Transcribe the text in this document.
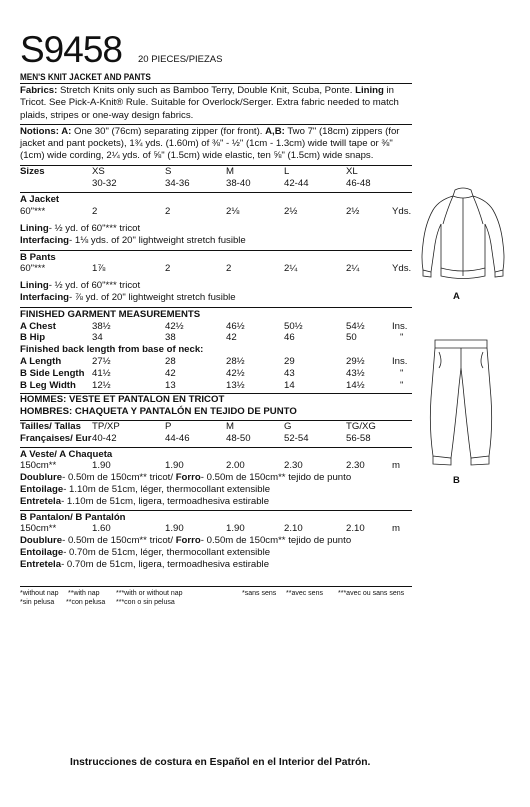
S9458	20 PIECES/PIEZAS
MEN'S KNIT JACKET AND PANTS
Fabrics: Stretch Knits only such as Bamboo Terry, Double Knit, Scuba, Ponte. Lining in Tricot. See Pick-A-Knit® Rule. Suitable for Overlock/Serger. Extra fabric needed to match plaids, stripes or one-way design fabrics.
Notions: A: One 30" (76cm) separating zipper (for front). A,B: Two 7" (18cm) zippers (for jacket and pant pockets), 1¾ yds. (1.60m) of ⅜" - ½" (1cm - 1.3cm) wide twill tape or ⅜" (1cm) wide cording, 2¼ yds. of ⅝" (1.5cm) wide elastic, ten ⅝" (1.5cm) wide snaps.
Sizes	XS	S	M	L	XL
30-32	34-36	38-40	42-44	46-48
A Jacket
60"***	2	2	2⅛	2½	2½	Yds.
Lining- ½ yd. of 60"*** tricot
Interfacing- 1⅛ yds. of 20" lightweight stretch fusible
B Pants
60"***	1⅞	2	2	2¼	2¼	Yds.
Lining- ½ yd. of 60"*** tricot
Interfacing- ⅞ yd. of 20" lightweight stretch fusible
FINISHED GARMENT MEASUREMENTS
A Chest	38½	42½	46½	50½	54½	Ins.
B Hip	34	38	42	46	50	"
Finished back length from base of neck:
A Length	27½	28	28½	29	29½	Ins.
B Side Length 41½	42	42½	43	43½	"
B Leg Width 12½	13	13½	14	14½	"
HOMMES: VESTE ET PANTALON EN TRICOT
HOMBRES: CHAQUETA Y PANTALÓN EN TEJIDO DE PUNTO
Tailles/ Tallas TP/XP	P	M	G	TG/XG
Françaises/ Eur 40-42	44-46	48-50	52-54	56-58
A Veste/ A Chaqueta
150cm**	1.90	1.90	2.00	2.30	2.30	m
Doublure- 0.50m de 150cm** tricot/ Forro- 0.50m de 150cm** tejido de punto
Entoilage- 1.10m de 51cm, léger, thermocollant extensible
Entretela- 1.10m de 51cm, ligera, termoadhesiva estirable
B Pantalon/ B Pantalón
150cm**	1.60	1.90	1.90	2.10	2.10	m
Doublure- 0.50m de 150cm** tricot/ Forro- 0.50m de 150cm** tejido de punto
Entoilage- 0.70m de 51cm, léger, thermocollant extensible
Entretela- 0.70m de 51cm, ligera, termoadhesiva estirable
*without nap **with nap ***with or without nap	*sans sens **avec sens ***avec ou sans sens
*sin pelusa **con pelusa ***con o sin pelusa
Instrucciones de costura en Español en el Interior del Patrón.
A
B
